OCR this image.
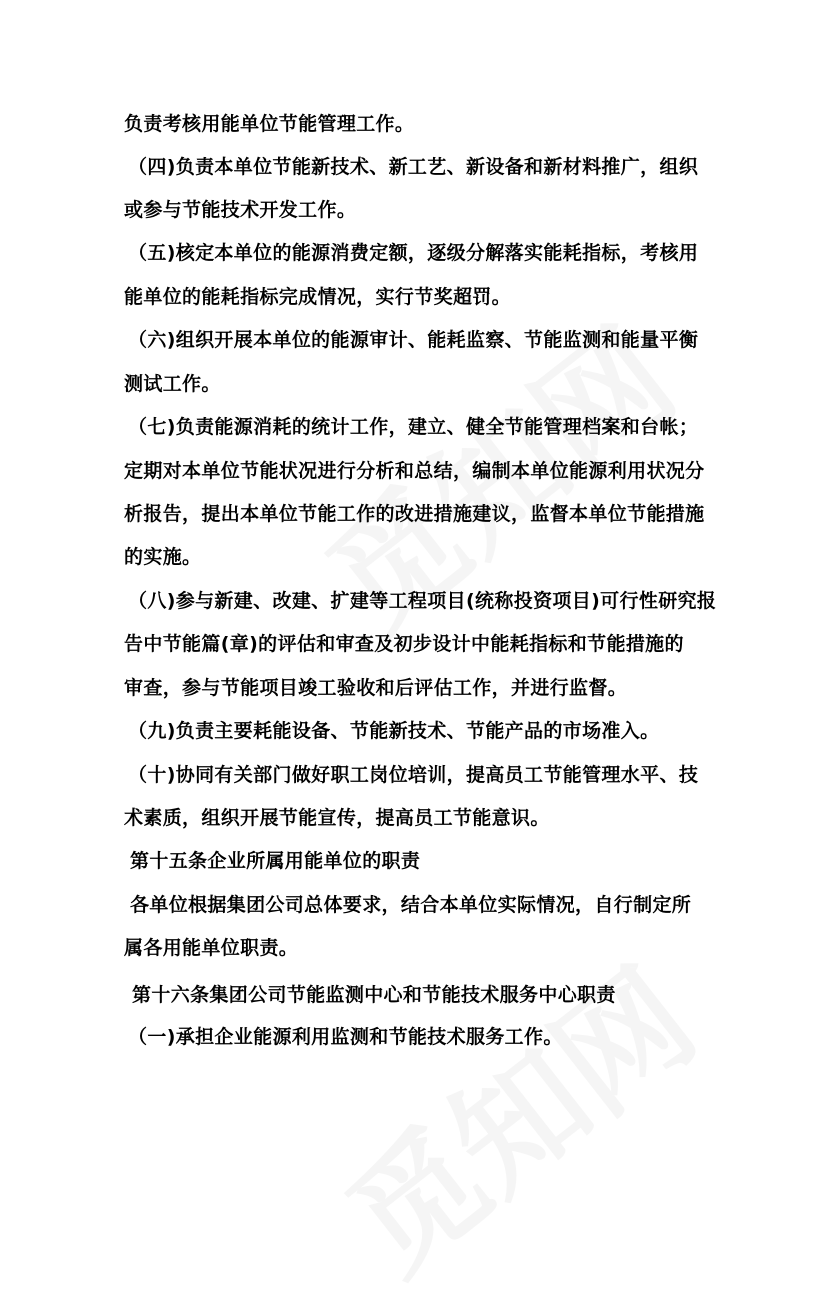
负责考核用能单位节能管理工作。
（四)负责本单位节能新技术、新工艺、新设备和新材料推广，组织
或参与节能技术开发工作。
（五)核定本单位的能源消费定额，逐级分解落实能耗指标，考核用
能单位的能耗指标完成情况，实行节奖超罚。
（六)组织开展本单位的能源审计、能耗监察、节能监测和能量平衡
测试工作。
（七)负责能源消耗的统计工作，建立、健全节能管理档案和台帐；
定期对本单位节能状况进行分析和总结，编制本单位能源利用状况分
析报告，提出本单位节能工作的改进措施建议，监督本单位节能措施
的实施。
（八)参与新建、改建、扩建等工程项目(统称投资项目)可行性研究报
告中节能篇(章)的评估和审查及初步设计中能耗指标和节能措施的
审查，参与节能项目竣工验收和后评估工作，并进行监督。
（九)负责主要耗能设备、节能新技术、节能产品的市场准入。
（十)协同有关部门做好职工岗位培训，提高员工节能管理水平、技
术素质，组织开展节能宣传，提高员工节能意识。
第十五条企业所属用能单位的职责
各单位根据集团公司总体要求，结合本单位实际情况，自行制定所
属各用能单位职责。
第十六条集团公司节能监测中心和节能技术服务中心职责
（一)承担企业能源利用监测和节能技术服务工作。
